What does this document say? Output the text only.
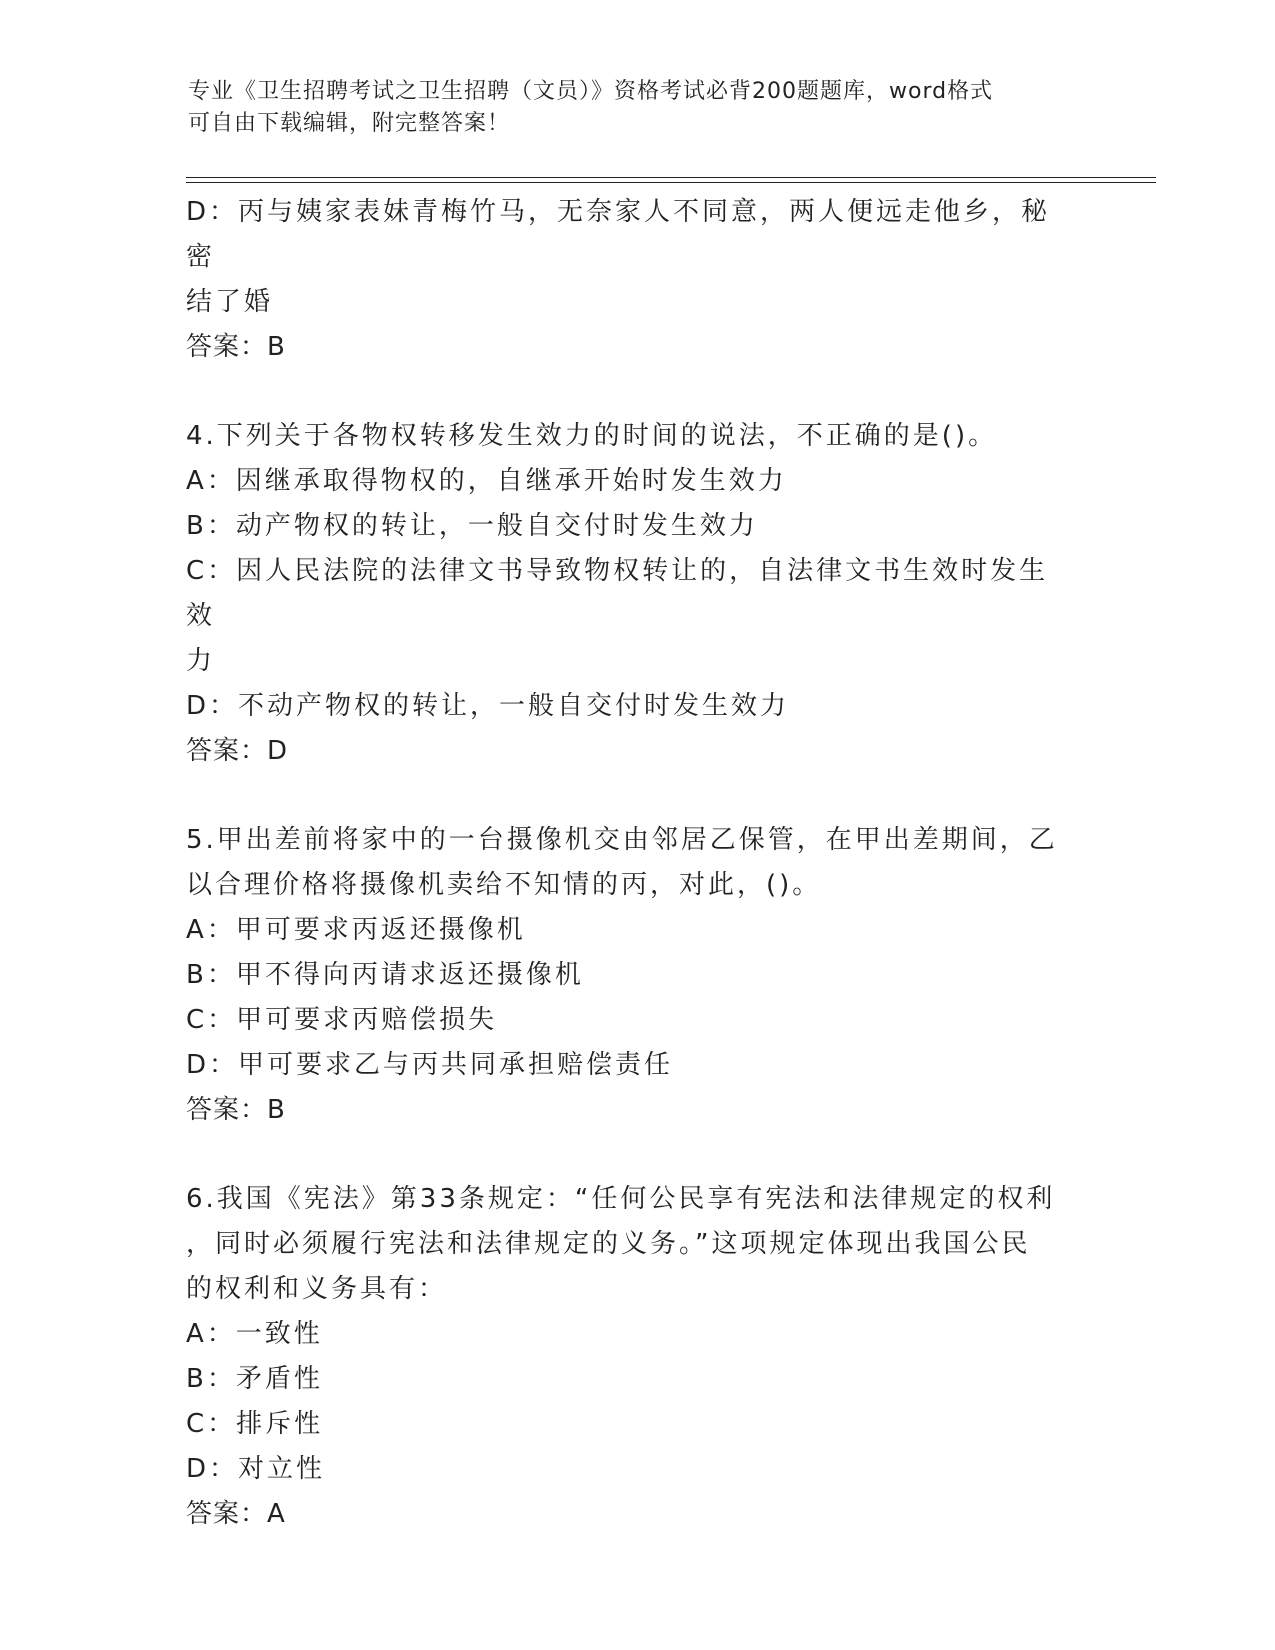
专业《卫生招聘考试之卫生招聘（文员）》资格考试必背200题题库，word格式
可自由下载编辑，附完整答案！

D：丙与姨家表妹青梅竹马，无奈家人不同意，两人便远走他乡，秘密

结了婚

答案：B

4.下列关于各物权转移发生效力的时间的说法，不正确的是()。

A：因继承取得物权的，自继承开始时发生效力

B：动产物权的转让，一般自交付时发生效力

C：因人民法院的法律文书导致物权转让的，自法律文书生效时发生效

力

D：不动产物权的转让，一般自交付时发生效力

答案：D

5.甲出差前将家中的一台摄像机交由邻居乙保管，在甲出差期间，乙

以合理价格将摄像机卖给不知情的丙，对此，()。

A：甲可要求丙返还摄像机

B：甲不得向丙请求返还摄像机

C：甲可要求丙赔偿损失

D：甲可要求乙与丙共同承担赔偿责任

答案：B

6.我国《宪法》第33条规定：“任何公民享有宪法和法律规定的权利

，同时必须履行宪法和法律规定的义务。”这项规定体现出我国公民

的权利和义务具有：

A：一致性

B：矛盾性

C：排斥性

D：对立性

答案：A
